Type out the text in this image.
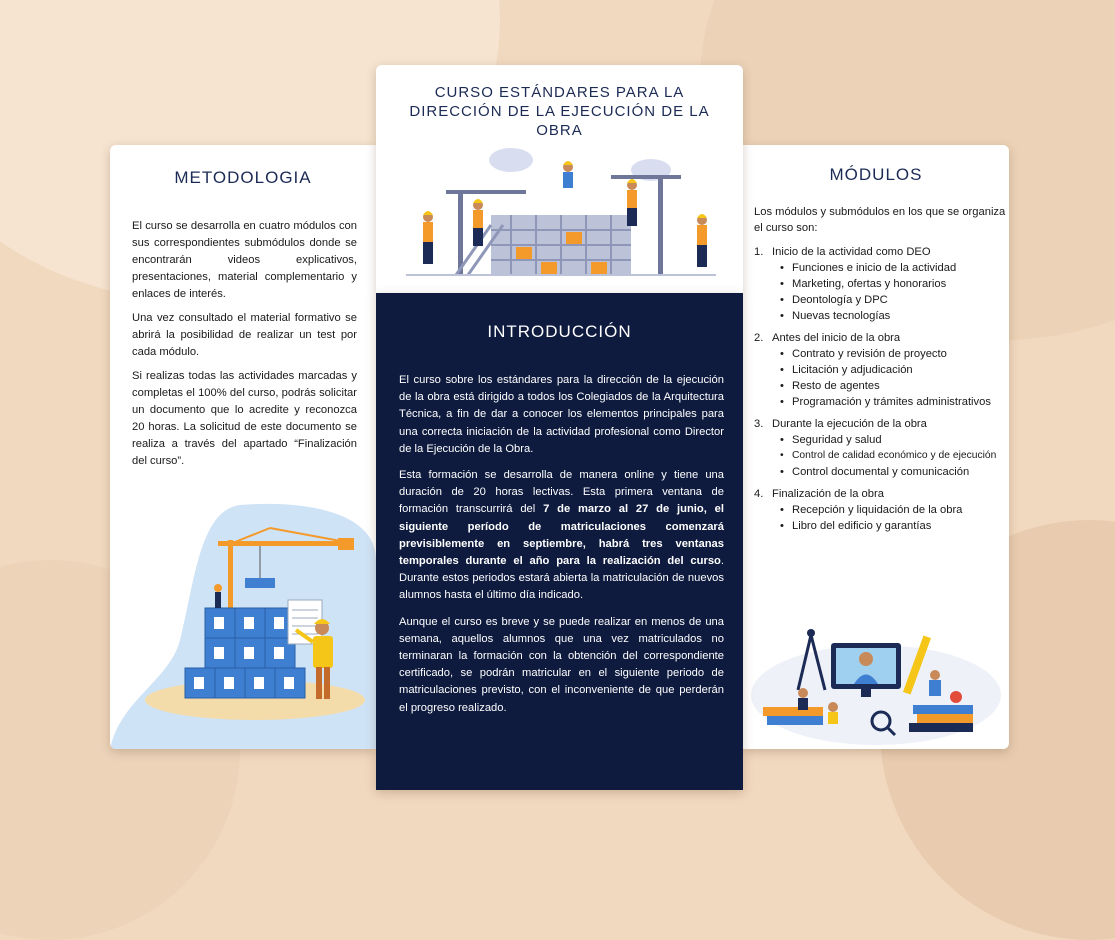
METODOLOGIA

El curso se desarrolla en cuatro módulos con sus correspondientes submódulos donde se encontrarán videos explicativos, presentaciones, material complementario y enlaces de interés.

Una vez consultado el material formativo se abrirá la posibilidad de realizar un test por cada módulo.

Si realizas todas las actividades marcadas y completas el 100% del curso, podrás solicitar un documento que lo acredite y reconozca 20 horas. La solicitud de este documento se realiza a través del apartado “Finalización del curso”.

MÓDULOS

Los módulos y submódulos en los que se organiza el curso son:

1. Inicio de la actividad como DEO
• Funciones e inicio de la actividad
• Marketing, ofertas y honorarios
• Deontología y DPC
• Nuevas tecnologías
2. Antes del inicio de la obra
• Contrato y revisión de proyecto
• Licitación y adjudicación
• Resto de agentes
• Programación y trámites administrativos
3. Durante la ejecución de la obra
• Seguridad y salud
• Control de calidad económico y de ejecución
• Control documental y comunicación
4. Finalización de la obra
• Recepción y liquidación de la obra
• Libro del edificio y garantías
CURSO ESTÁNDARES PARA LA DIRECCIÓN DE LA EJECUCIÓN DE LA OBRA
INTRODUCCIÓN

El curso sobre los estándares para la dirección de la ejecución de la obra está dirigido a todos los Colegiados de la Arquitectura Técnica, a fin de dar a conocer los elementos principales para una correcta iniciación de la actividad profesional como Director de la Ejecución de la Obra.

Esta formación se desarrolla de manera online y tiene una duración de 20 horas lectivas. Esta primera ventana de formación transcurrirá del 7 de marzo al 27 de junio, el siguiente período de matriculaciones comenzará previsiblemente en septiembre, habrá tres ventanas temporales durante el año para la realización del curso. Durante estos periodos estará abierta la matriculación de nuevos alumnos hasta el último día indicado.

Aunque el curso es breve y se puede realizar en menos de una semana, aquellos alumnos que una vez matriculados no terminaran la formación con la obtención del correspondiente certificado, se podrán matricular en el siguiente periodo de matriculaciones previsto, con el inconveniente de que perderán el progreso realizado.
